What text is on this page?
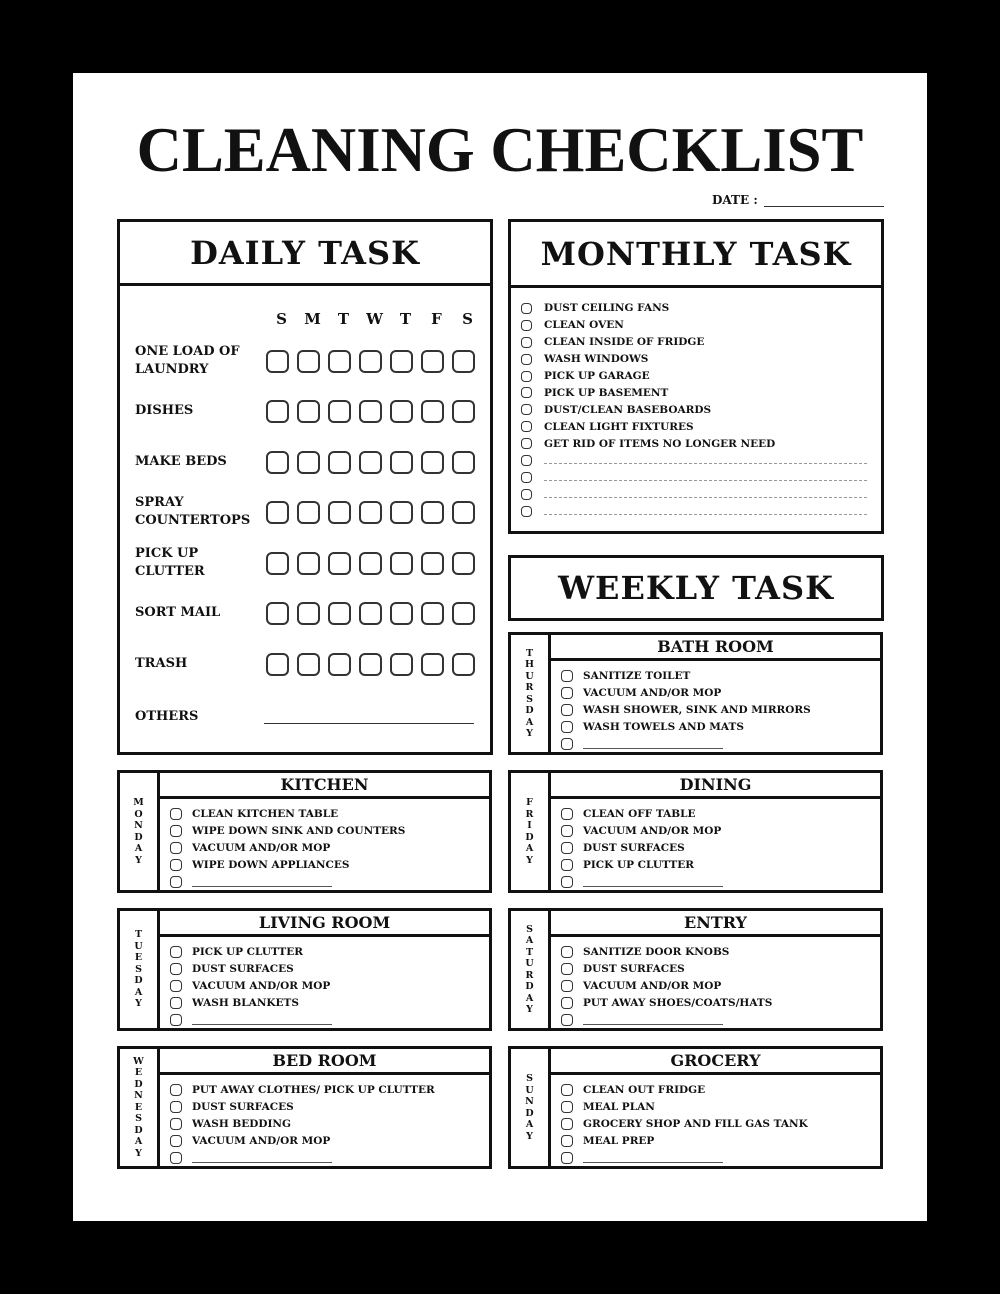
CLEANING CHECKLIST
DATE :
DAILY TASK
S	M	T	W	T	F	S
ONE LOAD OF LAUNDRY
DISHES
MAKE BEDS
SPRAY COUNTERTOPS
PICK UP CLUTTER
SORT MAIL
TRASH
OTHERS
MONTHLY TASK
DUST CEILING FANS
CLEAN OVEN
CLEAN INSIDE OF FRIDGE
WASH WINDOWS
PICK UP GARAGE
PICK UP BASEMENT
DUST/CLEAN BASEBOARDS
CLEAN LIGHT FIXTURES
GET RID OF ITEMS NO LONGER NEED
WEEKLY TASK
T
H
U
R
S
D
A
Y
BATH ROOM
SANITIZE TOILET
VACUUM AND/OR MOP
WASH SHOWER, SINK AND MIRRORS
WASH TOWELS AND MATS
M
O
N
D
A
Y
KITCHEN
CLEAN KITCHEN TABLE
WIPE DOWN SINK AND COUNTERS
VACUUM AND/OR MOP
WIPE DOWN APPLIANCES
F
R
I
D
A
Y
DINING
CLEAN OFF TABLE
VACUUM AND/OR MOP
DUST SURFACES
PICK UP CLUTTER
T
U
E
S
D
A
Y
LIVING ROOM
PICK UP CLUTTER
DUST SURFACES
VACUUM AND/OR MOP
WASH BLANKETS
S
A
T
U
R
D
A
Y
ENTRY
SANITIZE DOOR KNOBS
DUST SURFACES
VACUUM AND/OR MOP
PUT AWAY SHOES/COATS/HATS
W
E
D
N
E
S
D
A
Y
BED ROOM
PUT AWAY CLOTHES/ PICK UP CLUTTER
DUST SURFACES
WASH BEDDING
VACUUM AND/OR MOP
S
U
N
D
A
Y
GROCERY
CLEAN OUT FRIDGE
MEAL PLAN
GROCERY SHOP AND FILL GAS TANK
MEAL PREP
